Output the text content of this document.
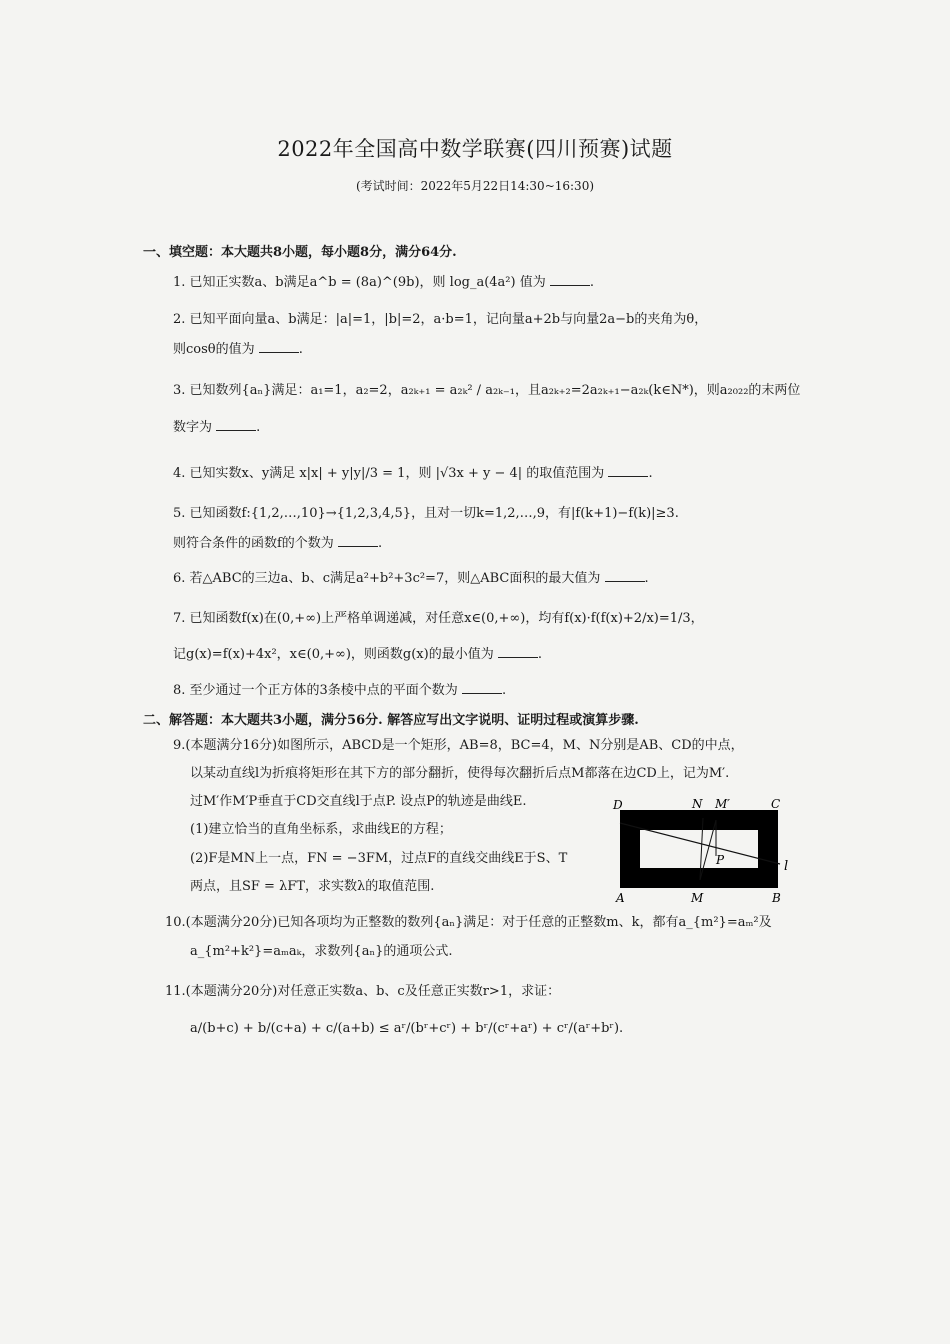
2022年全国高中数学联赛(四川预赛)试题
(考试时间：2022年5月22日14:30~16:30)
一、填空题：本大题共8小题，每小题8分，满分64分.
1. 已知正实数a、b满足a^b = (8a)^(9b)，则 log_a(4a²) 值为	.
2. 已知平面向量a、b满足：|a|=1，|b|=2，a·b=1，记向量a+2b与向量2a−b的夹角为θ，
则cosθ的值为	.
3. 已知数列{aₙ}满足：a₁=1，a₂=2，a₂ₖ₊₁ = a₂ₖ² / a₂ₖ₋₁，且a₂ₖ₊₂=2a₂ₖ₊₁−a₂ₖ(k∈N*)，则a₂₀₂₂的末两位
数字为	.
4. 已知实数x、y满足 x|x| + y|y|/3 = 1，则 |√3x + y − 4| 的取值范围为	.
5. 已知函数f:{1,2,…,10}→{1,2,3,4,5}，且对一切k=1,2,…,9，有|f(k+1)−f(k)|≥3.
则符合条件的函数f的个数为	.
6. 若△ABC的三边a、b、c满足a²+b²+3c²=7，则△ABC面积的最大值为	.
7. 已知函数f(x)在(0,+∞)上严格单调递减，对任意x∈(0,+∞)，均有f(x)·f(f(x)+2/x)=1/3，
记g(x)=f(x)+4x²，x∈(0,+∞)，则函数g(x)的最小值为	.
8. 至少通过一个正方体的3条棱中点的平面个数为	.
二、解答题：本大题共3小题，满分56分. 解答应写出文字说明、证明过程或演算步骤.
9.(本题满分16分)如图所示，ABCD是一个矩形，AB=8，BC=4，M、N分别是AB、CD的中点，
以某动直线l为折痕将矩形在其下方的部分翻折，使得每次翻折后点M都落在边CD上，记为M′.
过M′作M′P垂直于CD交直线l于点P. 设点P的轨迹是曲线E.
(1)建立恰当的直角坐标系，求曲线E的方程；
(2)F是MN上一点，FN = −3FM，过点F的直线交曲线E于S、T
两点，且SF = λFT，求实数λ的取值范围.
D	N M′	C
A	M	B
P	l
10.(本题满分20分)已知各项均为正整数的数列{aₙ}满足：对于任意的正整数m、k，都有a_{m²}=aₘ²及
a_{m²+k²}=aₘaₖ，求数列{aₙ}的通项公式.
11.(本题满分20分)对任意正实数a、b、c及任意正实数r>1，求证：
a/(b+c) + b/(c+a) + c/(a+b) ≤ aʳ/(bʳ+cʳ) + bʳ/(cʳ+aʳ) + cʳ/(aʳ+bʳ).
